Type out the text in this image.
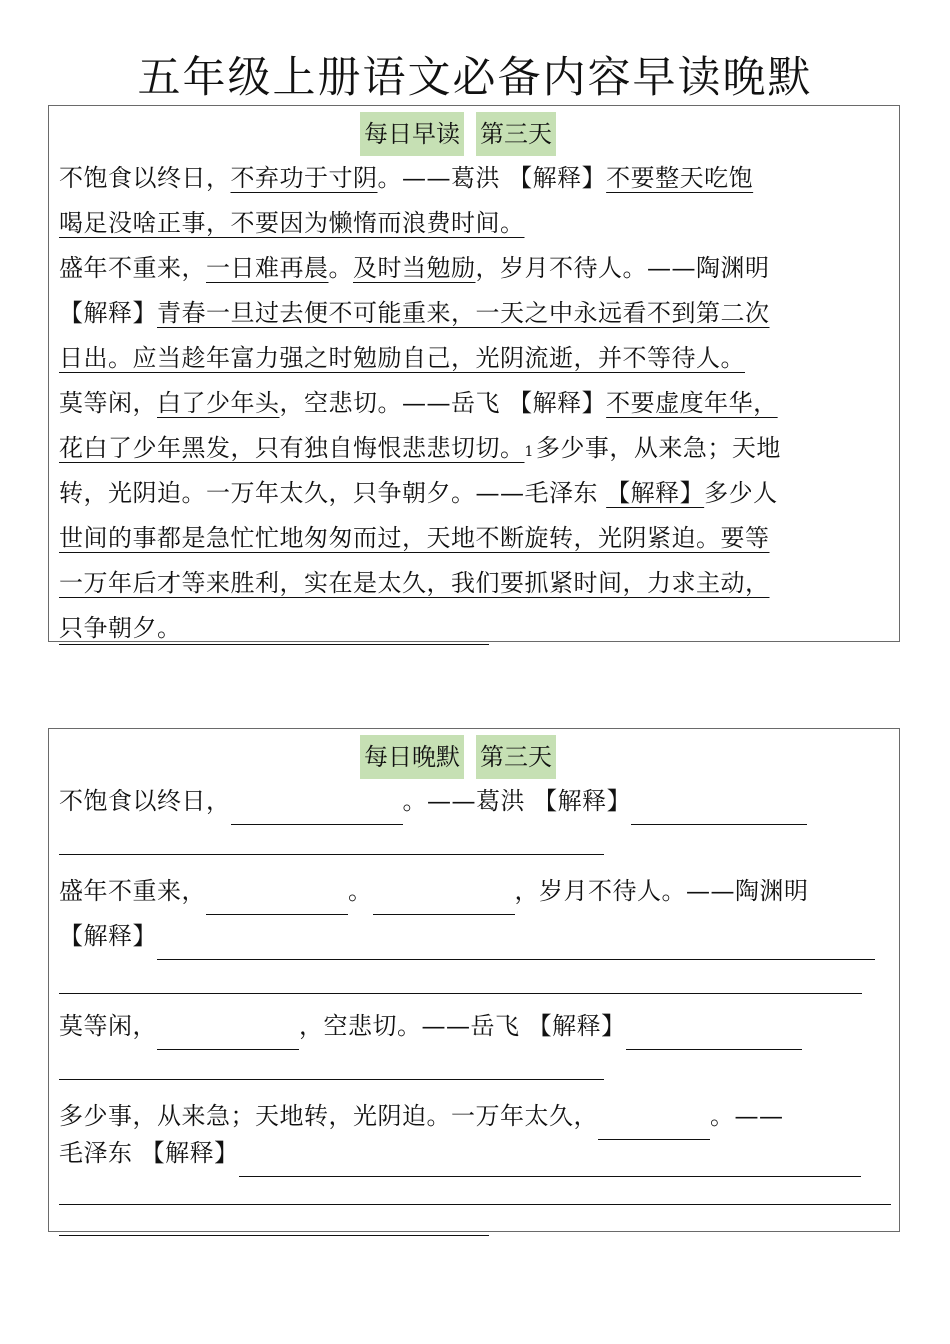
五年级上册语文必备内容早读晚默
每日早读 第三天
不饱食以终日，不弃功于寸阴。——葛洪 【解释】不要整天吃饱
喝足没啥正事，不要因为懒惰而浪费时间。
盛年不重来，一日难再晨。及时当勉励，岁月不待人。——陶渊明
【解释】青春一旦过去便不可能重来，一天之中永远看不到第二次
日出。应当趁年富力强之时勉励自己，光阴流逝，并不等待人。
莫等闲，白了少年头，空悲切。——岳飞 【解释】不要虚度年华，
花白了少年黑发，只有独自悔恨悲悲切切。1多少事，从来急；天地
转，光阴迫。一万年太久，只争朝夕。——毛泽东 【解释】多少人
世间的事都是急忙忙地匆匆而过，天地不断旋转，光阴紧迫。要等
一万年后才等来胜利，实在是太久，我们要抓紧时间，力求主动，
只争朝夕。
每日晚默 第三天
不饱食以终日，	。——葛洪 【解释】
盛年不重来，	。	，岁月不待人。——陶渊明
【解释】
莫等闲，	，空悲切。——岳飞 【解释】
多少事，从来急；天地转，光阴迫。一万年太久，	。——
毛泽东 【解释】
